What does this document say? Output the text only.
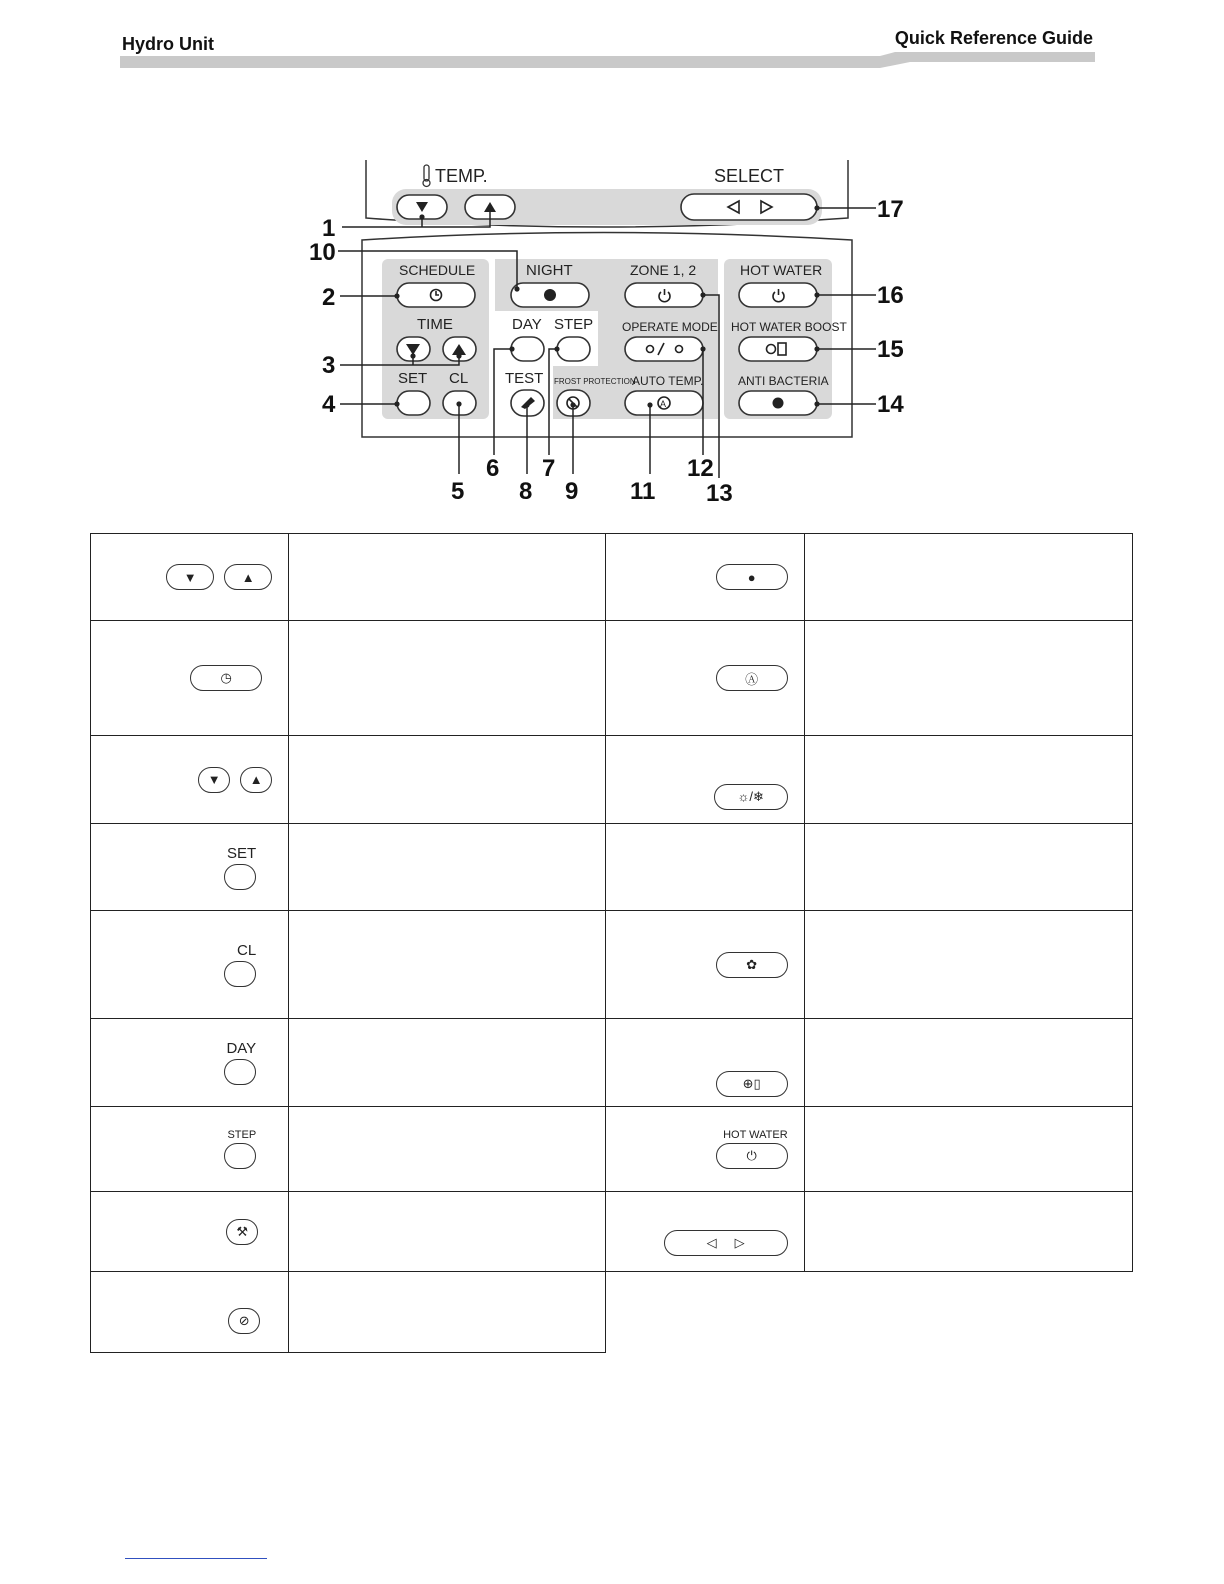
Hydro Unit	Quick Reference Guide
TEMP.	SELECT
SCHEDULE	NIGHT	ZONE 1, 2	HOT WATER
TIME	DAY STEP OPERATE MODE HOT WATER BOOST
SET CL TEST FROST PROTECTION
AUTO TEMP.	ANTI BACTERIA
A
1
2
3
4
5
6 7
8 9
10
11
12
13
14
15
16
17
▼ ▲		●	

◷		Ⓐ	

▼ ▲		☼/❄	

SET			

CL		✿	

DAY		⊕▯	

STEP		HOT WATER
⏻	

⚒		◁ ▷	

⊘			
